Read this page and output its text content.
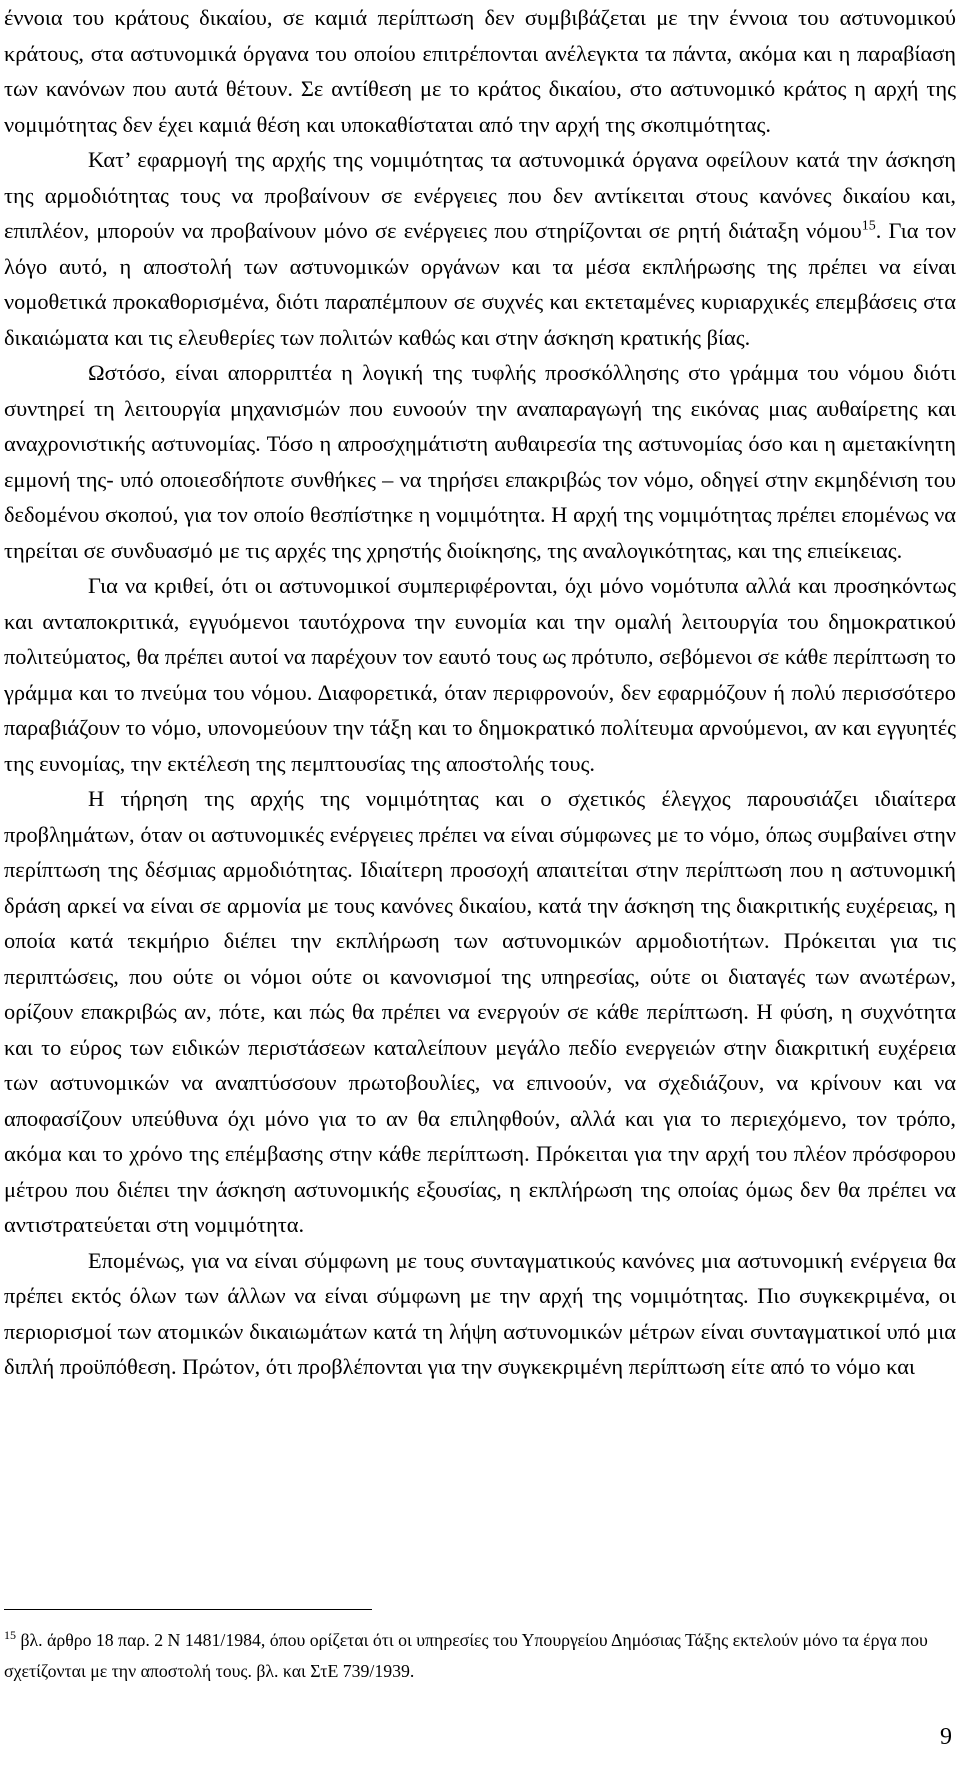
έννοια του κράτους δικαίου, σε καμιά περίπτωση δεν συμβιβάζεται με την έννοια του αστυνομικού κράτους, στα αστυνομικά όργανα του οποίου επιτρέπονται ανέλεγκτα τα πάντα, ακόμα και η παραβίαση των κανόνων που αυτά θέτουν. Σε αντίθεση με το κράτος δικαίου, στο αστυνομικό κράτος η αρχή της νομιμότητας δεν έχει καμιά θέση και υποκαθίσταται από την αρχή της σκοπιμότητας.

Κατ’ εφαρμογή της αρχής της νομιμότητας τα αστυνομικά όργανα οφείλουν κατά την άσκηση της αρμοδιότητας τους να προβαίνουν σε ενέργειες που δεν αντίκειται στους κανόνες δικαίου και, επιπλέον, μπορούν να προβαίνουν μόνο σε ενέργειες που στηρίζονται σε ρητή διάταξη νόμου$^{15}$. Για τον λόγο αυτό, η αποστολή των αστυνομικών οργάνων και τα μέσα εκπλήρωσης της πρέπει να είναι νομοθετικά προκαθορισμένα, διότι παραπέμπουν σε συχνές και εκτεταμένες κυριαρχικές επεμβάσεις στα δικαιώματα και τις ελευθερίες των πολιτών καθώς και στην άσκηση κρατικής βίας.

Ωστόσο, είναι απορριπτέα η λογική της τυφλής προσκόλλησης στο γράμμα του νόμου διότι συντηρεί τη λειτουργία μηχανισμών που ευνοούν την αναπαραγωγή της εικόνας μιας αυθαίρετης και αναχρονιστικής αστυνομίας. Τόσο η απροσχημάτιστη αυθαιρεσία της αστυνομίας όσο και η αμετακίνητη εμμονή της- υπό οποιεσδήποτε συνθήκες – να τηρήσει επακριβώς τον νόμο, οδηγεί στην εκμηδένιση του δεδομένου σκοπού, για τον οποίο θεσπίστηκε η νομιμότητα. Η αρχή της νομιμότητας πρέπει επομένως να τηρείται σε συνδυασμό με τις αρχές της χρηστής διοίκησης, της αναλογικότητας, και της επιείκειας.

Για να κριθεί, ότι οι αστυνομικοί συμπεριφέρονται, όχι μόνο νομότυπα αλλά και προσηκόντως και ανταποκριτικά, εγγυόμενοι ταυτόχρονα την ευνομία και την ομαλή λειτουργία του δημοκρατικού πολιτεύματος, θα πρέπει αυτοί να παρέχουν τον εαυτό τους ως πρότυπο, σεβόμενοι σε κάθε περίπτωση το γράμμα και το πνεύμα του νόμου. Διαφορετικά, όταν περιφρονούν, δεν εφαρμόζουν ή πολύ περισσότερο παραβιάζουν το νόμο, υπονομεύουν την τάξη και το δημοκρατικό πολίτευμα αρνούμενοι, αν και εγγυητές της ευνομίας, την εκτέλεση της πεμπτουσίας της αποστολής τους.

Η τήρηση της αρχής της νομιμότητας και ο σχετικός έλεγχος παρουσιάζει ιδιαίτερα προβλημάτων, όταν οι αστυνομικές ενέργειες πρέπει να είναι σύμφωνες με το νόμο, όπως συμβαίνει στην περίπτωση της δέσμιας αρμοδιότητας. Ιδιαίτερη προσοχή απαιτείται στην περίπτωση που η αστυνομική δράση αρκεί να είναι σε αρμονία με τους κανόνες δικαίου, κατά την άσκηση της διακριτικής ευχέρειας, η οποία κατά τεκμήριο διέπει την εκπλήρωση των αστυνομικών αρμοδιοτήτων. Πρόκειται για τις περιπτώσεις, που ούτε οι νόμοι ούτε οι κανονισμοί της υπηρεσίας, ούτε οι διαταγές των ανωτέρων, ορίζουν επακριβώς αν, πότε, και πώς θα πρέπει να ενεργούν σε κάθε περίπτωση. Η φύση, η συχνότητα και το εύρος των ειδικών περιστάσεων καταλείπουν μεγάλο πεδίο ενεργειών στην διακριτική ευχέρεια των αστυνομικών να αναπτύσσουν πρωτοβουλίες, να επινοούν, να σχεδιάζουν, να κρίνουν και να αποφασίζουν υπεύθυνα όχι μόνο για το αν θα επιληφθούν, αλλά και για το περιεχόμενο, τον τρόπο, ακόμα και το χρόνο της επέμβασης στην κάθε περίπτωση. Πρόκειται για την αρχή του πλέον πρόσφορου μέτρου που διέπει την άσκηση αστυνομικής εξουσίας, η εκπλήρωση της οποίας όμως δεν θα πρέπει να αντιστρατεύεται στη νομιμότητα.

Επομένως, για να είναι σύμφωνη με τους συνταγματικούς κανόνες μια αστυνομική ενέργεια θα πρέπει εκτός όλων των άλλων να είναι σύμφωνη με την αρχή της νομιμότητας. Πιο συγκεκριμένα, οι περιορισμοί των ατομικών δικαιωμάτων κατά τη λήψη αστυνομικών μέτρων είναι συνταγματικοί υπό μια διπλή προϋπόθεση. Πρώτον, ότι προβλέπονται για την συγκεκριμένη περίπτωση είτε από το νόμο και

$^{15}$ βλ. άρθρο 18 παρ. 2 Ν 1481/1984, όπου ορίζεται ότι οι υπηρεσίες του Υπουργείου Δημόσιας Τάξης εκτελούν μόνο τα έργα που σχετίζονται με την αποστολή τους. βλ. και ΣτΕ 739/1939.
9
